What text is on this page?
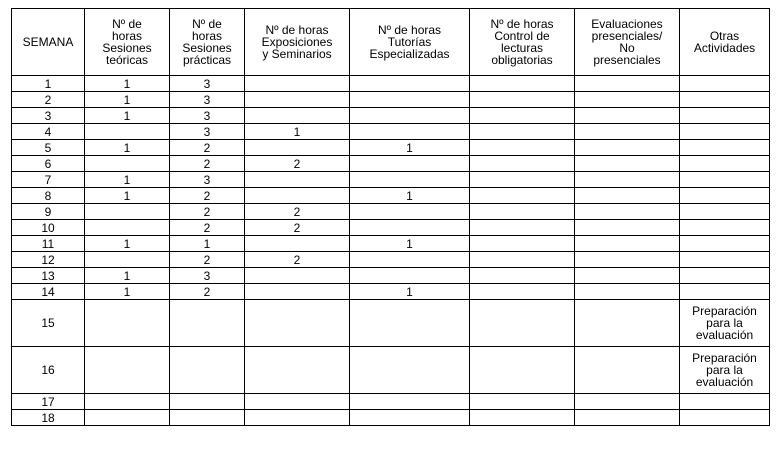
SEMANA	Nº de
horas
Sesiones
teóricas	Nº de
horas
Sesiones
prácticas	Nº de horas
Exposiciones
y Seminarios	Nº de horas
Tutorías
Especializadas	Nº de horas
Control de
lecturas
obligatorias	Evaluaciones
presenciales/
No
presenciales	Otras
Actividades

1	1	3					
2	1	3					
3	1	3					
4		3	1				
5	1	2		1			
6		2	2				
7	1	3					
8	1	2		1			
9		2	2				
10		2	2				
11	1	1		1			
12		2	2				
13	1	3					
14	1	2		1			
15							Preparación
para la
evaluación

16							Preparación
para la
evaluación

17							
18							
